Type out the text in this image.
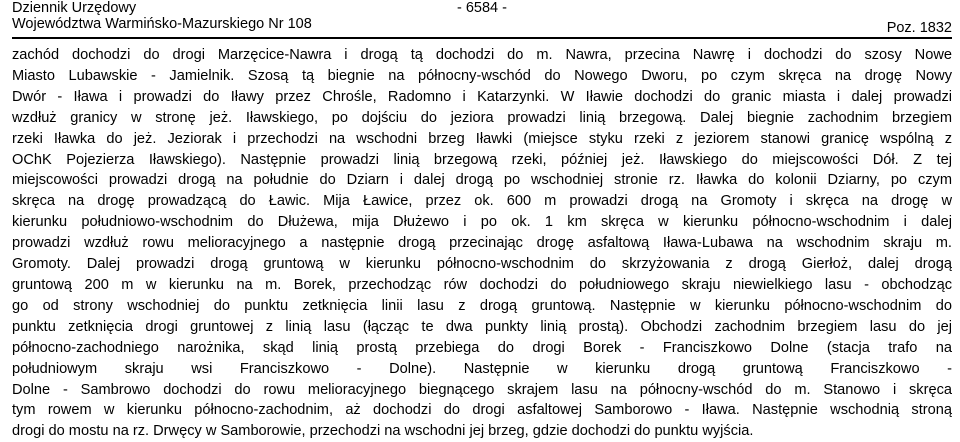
Dziennik Urzędowy
Województwa Warmińsko-Mazurskiego Nr 108
- 6584 -
Poz. 1832
zachód dochodzi do drogi Marzęcice-Nawra i drogą tą dochodzi do m. Nawra, przecina Nawrę i dochodzi do szosy Nowe
Miasto Lubawskie - Jamielnik. Szosą tą biegnie na północny-wschód do Nowego Dworu, po czym skręca na drogę Nowy
Dwór - Iława i prowadzi do Iławy przez Chrośle, Radomno i Katarzynki. W Iławie dochodzi do granic miasta i dalej prowadzi
wzdłuż granicy w stronę jeż. Iławskiego, po dojściu do jeziora prowadzi linią brzegową. Dalej biegnie zachodnim brzegiem
rzeki Iławka do jeż. Jeziorak i przechodzi na wschodni brzeg Iławki (miejsce styku rzeki z jeziorem stanowi granicę wspólną z
OChK Pojezierza Iławskiego). Następnie prowadzi linią brzegową rzeki, później jeż. Iławskiego do miejscowości Dół. Z tej
miejscowości prowadzi drogą na południe do Dziarn i dalej drogą po wschodniej stronie rz. Iławka do kolonii Dziarny, po czym
skręca na drogę prowadzącą do Ławic. Mija Ławice, przez ok. 600 m prowadzi drogą na Gromoty i skręca na drogę w
kierunku południowo-wschodnim do Dłużewa, mija Dłużewo i po ok. 1 km skręca w kierunku północno-wschodnim i dalej
prowadzi wzdłuż rowu melioracyjnego a następnie drogą przecinając drogę asfaltową Iława-Lubawa na wschodnim skraju m.
Gromoty. Dalej prowadzi drogą gruntową w kierunku północno-wschodnim do skrzyżowania z drogą Gierłoż, dalej drogą
gruntową 200 m w kierunku na m. Borek, przechodząc rów dochodzi do południowego skraju niewielkiego lasu - obchodząc
go od strony wschodniej do punktu zetknięcia linii lasu z drogą gruntową. Następnie w kierunku północno-wschodnim do
punktu zetknięcia drogi gruntowej z linią lasu (łącząc te dwa punkty linią prostą). Obchodzi zachodnim brzegiem lasu do jej
północno-zachodniego narożnika, skąd linią prostą przebiega do drogi Borek - Franciszkowo Dolne (stacja trafo na
południowym skraju wsi Franciszkowo - Dolne). Następnie w kierunku drogą gruntową Franciszkowo -
Dolne - Sambrowo dochodzi do rowu melioracyjnego biegnącego skrajem lasu na północny-wschód do m. Stanowo i skręca
tym rowem w kierunku północno-zachodnim, aż dochodzi do drogi asfaltowej Samborowo - Iława. Następnie wschodnią stroną
drogi do mostu na rz. Drwęcy w Samborowie, przechodzi na wschodni jej brzeg, gdzie dochodzi do punktu wyjścia.
